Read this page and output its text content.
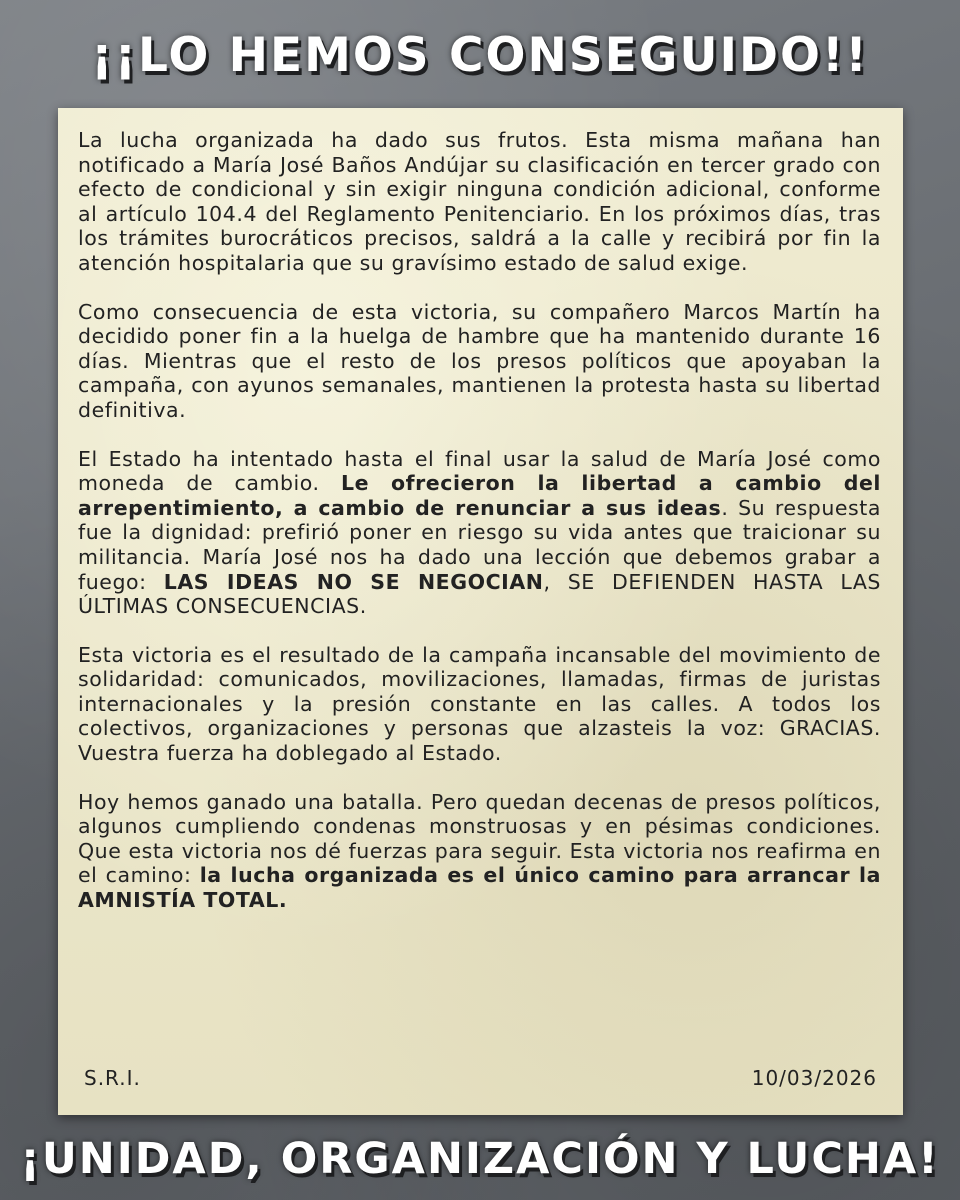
¡¡LO HEMOS CONSEGUIDO!!

La lucha organizada ha dado sus frutos. Esta misma mañana han notificado a María José Baños Andújar su clasificación en tercer grado con efecto de condicional y sin exigir ninguna condición adicional, conforme al artículo 104.4 del Reglamento Penitenciario. En los próximos días, tras los trámites burocráticos precisos, saldrá a la calle y recibirá por fin la atención hospitalaria que su gravísimo estado de salud exige.

Como consecuencia de esta victoria, su compañero Marcos Martín ha decidido poner fin a la huelga de hambre que ha mantenido durante 16 días. Mientras que el resto de los presos políticos que apoyaban la campaña, con ayunos semanales, mantienen la protesta hasta su libertad definitiva.

El Estado ha intentado hasta el final usar la salud de María José como moneda de cambio. Le ofrecieron la libertad a cambio del arrepentimiento, a cambio de renunciar a sus ideas. Su respuesta fue la dignidad: prefirió poner en riesgo su vida antes que traicionar su militancia. María José nos ha dado una lección que debemos grabar a fuego: LAS IDEAS NO SE NEGOCIAN, SE DEFIENDEN HASTA LAS ÚLTIMAS CONSECUENCIAS.

Esta victoria es el resultado de la campaña incansable del movimiento de solidaridad: comunicados, movilizaciones, llamadas, firmas de juristas internacionales y la presión constante en las calles. A todos los colectivos, organizaciones y personas que alzasteis la voz: GRACIAS. Vuestra fuerza ha doblegado al Estado.

Hoy hemos ganado una batalla. Pero quedan decenas de presos políticos, algunos cumpliendo condenas monstruosas y en pésimas condiciones. Que esta victoria nos dé fuerzas para seguir. Esta victoria nos reafirma en el camino: la lucha organizada es el único camino para arrancar la AMNISTÍA TOTAL.

S.R.I.	10/03/2026
¡UNIDAD, ORGANIZACIÓN Y LUCHA!
